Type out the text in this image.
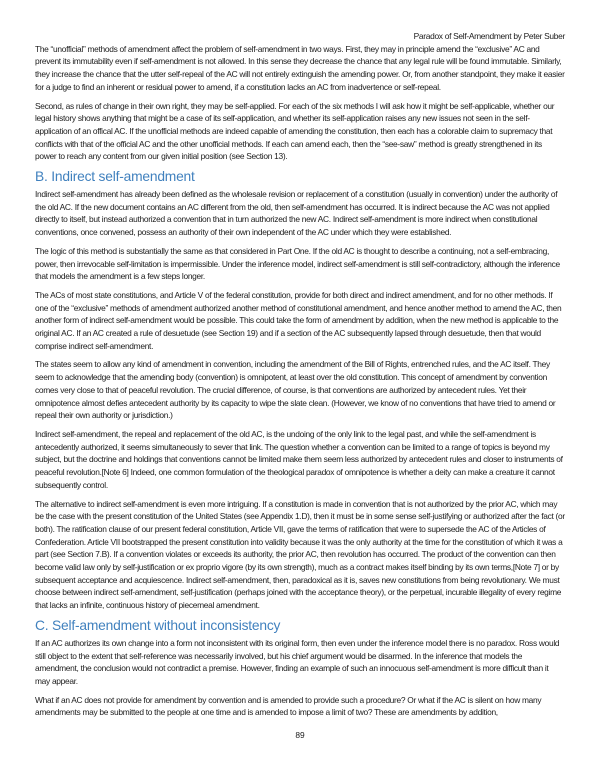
Paradox of Self-Amendment by Peter Suber

The “unofficial” methods of amendment affect the problem of self-amendment in two ways. First, they may in principle amend the “exclusive” AC and prevent its immutability even if self-amendment is not allowed. In this sense they decrease the chance that any legal rule will be found immutable. Similarly, they increase the chance that the utter self-repeal of the AC will not entirely extinguish the amending power. Or, from another standpoint, they make it easier for a judge to find an inherent or residual power to amend, if a constitution lacks an AC from inadvertence or self-repeal.

Second, as rules of change in their own right, they may be self-applied. For each of the six methods I will ask how it might be self-applicable, whether our legal history shows anything that might be a case of its self-application, and whether its self-application raises any new issues not seen in the self-application of an offical AC. If the unofficial methods are indeed capable of amending the constitution, then each has a colorable claim to supremacy that conflicts with that of the official AC and the other unofficial methods. If each can amend each, then the “see-saw” method is greatly strengthened in its power to reach any content from our given initial position (see Section 13).

B. Indirect self-amendment

Indirect self-amendment has already been defined as the wholesale revision or replacement of a constitution (usually in convention) under the authority of the old AC. If the new document contains an AC different from the old, then self-amendment has occurred. It is indirect because the AC was not applied directly to itself, but instead authorized a convention that in turn authorized the new AC. Indirect self-amendment is more indirect when constitutional conventions, once convened, possess an authority of their own independent of the AC under which they were established.

The logic of this method is substantially the same as that considered in Part One. If the old AC is thought to describe a continuing, not a self-embracing, power, then irrevocable self-limitation is impermissible. Under the inference model, indirect self-amendment is still self-contradictory, although the inference that models the amendment is a few steps longer.

The ACs of most state constitutions, and Article V of the federal constitution, provide for both direct and indirect amendment, and for no other methods. If one of the “exclusive” methods of amendment authorized another method of constitutional amendment, and hence another method to amend the AC, then another form of indirect self-amendment would be possible. This could take the form of amendment by addition, when the new method is applicable to the original AC. If an AC created a rule of desuetude (see Section 19) and if a section of the AC subsequently lapsed through desuetude, then that would comprise indirect self-amendment.

The states seem to allow any kind of amendment in convention, including the amendment of the Bill of Rights, entrenched rules, and the AC itself. They seem to acknowledge that the amending body (convention) is omnipotent, at least over the old constitution. This concept of amendment by convention comes very close to that of peaceful revolution. The crucial difference, of course, is that conventions are authorized by antecedent rules. Yet their omnipotence almost defies antecedent authority by its capacity to wipe the slate clean. (However, we know of no conventions that have tried to amend or repeal their own authority or jurisdiction.)

Indirect self-amendment, the repeal and replacement of the old AC, is the undoing of the only link to the legal past, and while the self-amendment is antecedently authorized, it seems simultaneously to sever that link. The question whether a convention can be limited to a range of topics is beyond my subject, but the doctrine and holdings that conventions cannot be limited make them seem less authorized by antecedent rules and closer to instruments of peaceful revolution.[Note 6] Indeed, one common formulation of the theological paradox of omnipotence is whether a deity can make a creature it cannot subsequently control.

The alternative to indirect self-amendment is even more intriguing. If a constitution is made in convention that is not authorized by the prior AC, which may be the case with the present constitution of the United States (see Appendix 1.D), then it must be in some sense self-justifying or authorized after the fact (or both). The ratification clause of our present federal constitution, Article VII, gave the terms of ratification that were to supersede the AC of the Articles of Confederation. Article VII bootstrapped the present constitution into validity because it was the only authority at the time for the constitution of which it was a part (see Section 7.B). If a convention violates or exceeds its authority, the prior AC, then revolution has occurred. The product of the convention can then become valid law only by self-justification or ex proprio vigore (by its own strength), much as a contract makes itself binding by its own terms,[Note 7] or by subsequent acceptance and acquiescence. Indirect self-amendment, then, paradoxical as it is, saves new constitutions from being revolutionary. We must choose between indirect self-amendment, self-justification (perhaps joined with the acceptance theory), or the perpetual, incurable illegality of every regime that lacks an infinite, continuous history of piecemeal amendment.

C. Self-amendment without inconsistency

If an AC authorizes its own change into a form not inconsistent with its original form, then even under the inference model there is no paradox. Ross would still object to the extent that self-reference was necessarily involved, but his chief argument would be disarmed. In the inference that models the amendment, the conclusion would not contradict a premise. However, finding an example of such an innocuous self-amendment is more difficult than it may appear.

What if an AC does not provide for amendment by convention and is amended to provide such a procedure? Or what if the AC is silent on how many amendments may be submitted to the people at one time and is amended to impose a limit of two? These are amendments by addition,

89
